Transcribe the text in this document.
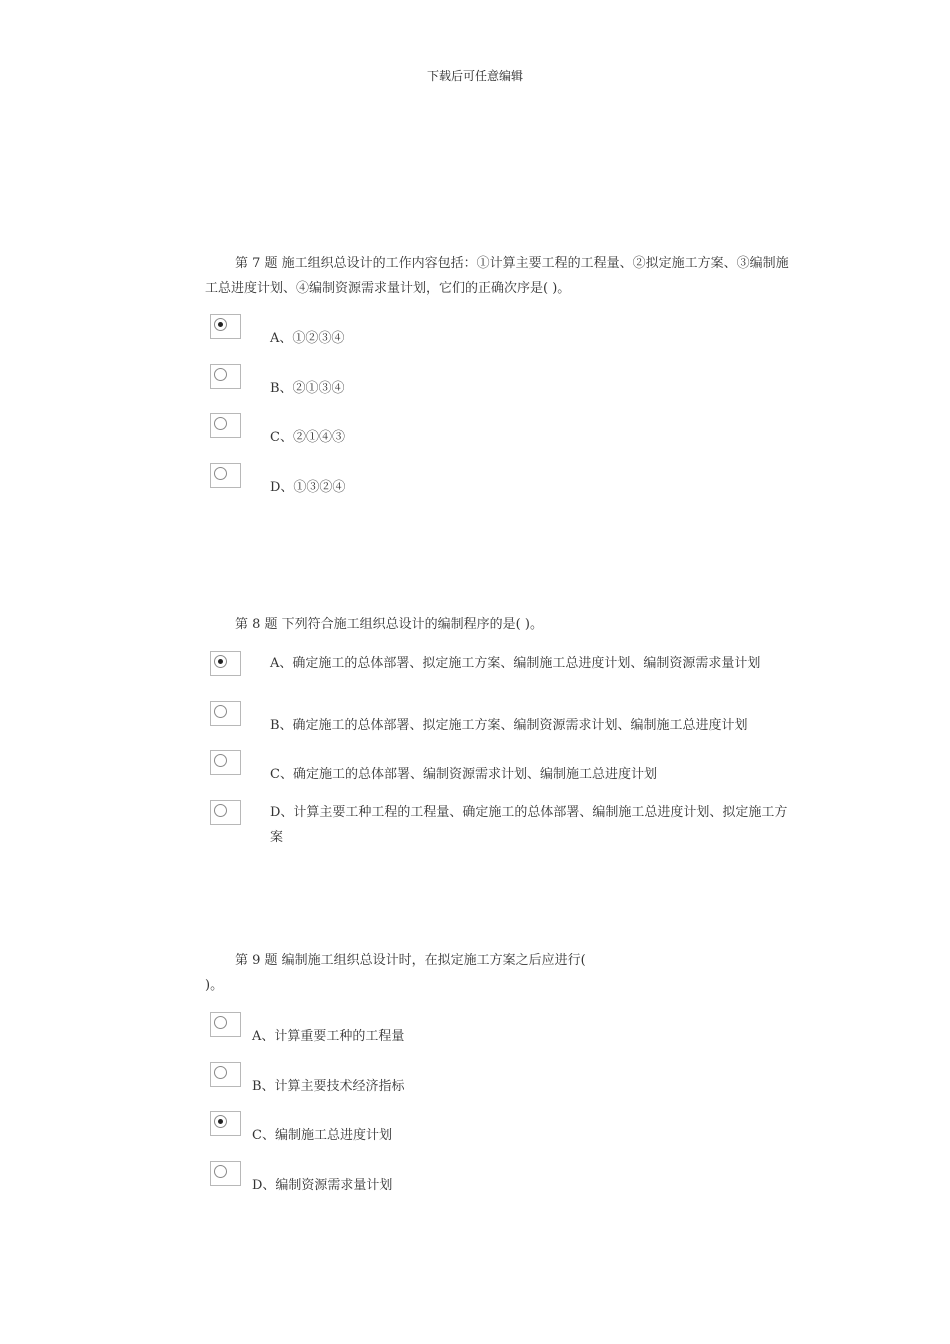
下载后可任意编辑
第 7 题 施工组织总设计的工作内容包括：①计算主要工程的工程量、②拟定施工方案、③编制施工总进度计划、④编制资源需求量计划，它们的正确次序是( )。
A、①②③④
B、②①③④
C、②①④③
D、①③②④
第 8 题 下列符合施工组织总设计的编制程序的是( )。
A、确定施工的总体部署、拟定施工方案、编制施工总进度计划、编制资源需求量计划
B、确定施工的总体部署、拟定施工方案、编制资源需求计划、编制施工总进度计划
C、确定施工的总体部署、编制资源需求计划、编制施工总进度计划
D、计算主要工种工程的工程量、确定施工的总体部署、编制施工总进度计划、拟定施工方案
第 9 题 编制施工组织总设计时，在拟定施工方案之后应进行(
)。
A、计算重要工种的工程量
B、计算主要技术经济指标
C、编制施工总进度计划
D、编制资源需求量计划
